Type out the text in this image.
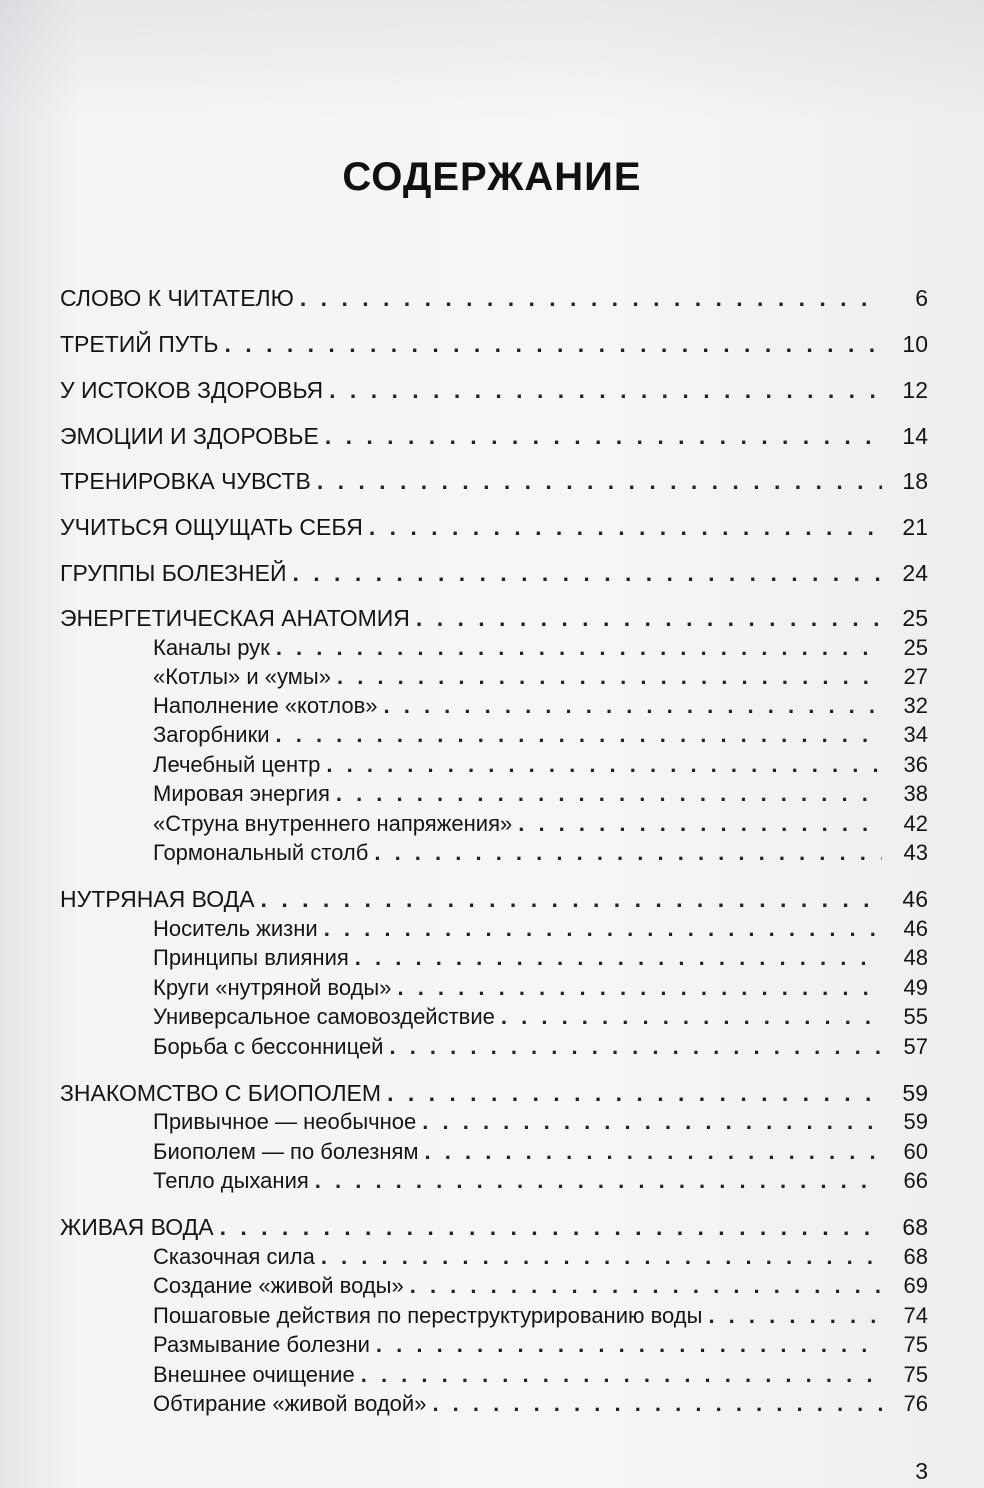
СОДЕРЖАНИЕ
СЛОВО К ЧИТАТЕЛЮ . . .	6
ТРЕТИЙ ПУТЬ . . .	10
У ИСТОКОВ ЗДОРОВЬЯ . . .	12
ЭМОЦИИ И ЗДОРОВЬЕ . . .	14
ТРЕНИРОВКА ЧУВСТВ . . .	18
УЧИТЬСЯ ОЩУЩАТЬ СЕБЯ . . .	21
ГРУППЫ БОЛЕЗНЕЙ . . .	24
ЭНЕРГЕТИЧЕСКАЯ АНАТОМИЯ . . .	25
Каналы рук . . .	25
«Котлы» и «умы» . . .	27
Наполнение «котлов» . . .	32
Загорбники . . .	34
Лечебный центр . . .	36
Мировая энергия . . .	38
«Струна внутреннего напряжения» . . .	42
Гормональный столб . . .	43
НУТРЯНАЯ ВОДА . . .	46
Носитель жизни . . .	46
Принципы влияния . . .	48
Круги «нутряной воды» . . .	49
Универсальное самовоздействие . . .	55
Борьба с бессонницей . . .	57
ЗНАКОМСТВО С БИОПОЛЕМ . . .	59
Привычное — необычное . . .	59
Биополем — по болезням . . .	60
Тепло дыхания . . .	66
ЖИВАЯ ВОДА . . .	68
Сказочная сила . . .	68
Создание «живой воды» . . .	69
Пошаговые действия по переструктурированию воды . . .	74
Размывание болезни . . .	75
Внешнее очищение . . .	75
Обтирание «живой водой» . . .	76
3
